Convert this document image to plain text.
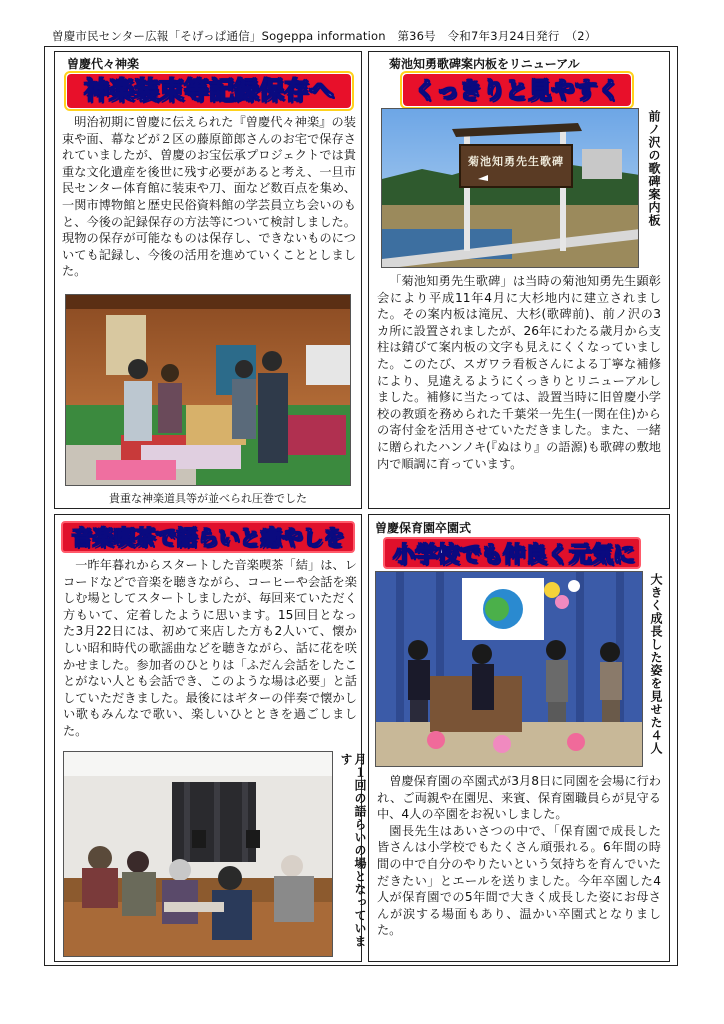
曽慶市民センター広報「そげっぱ通信」Sogeppa information　第36号　令和7年3月24日発行　（2）
曽慶代々神楽
神楽装束等記録保存へ

明治初期に曽慶に伝えられた『曽慶代々神楽』の装束や面、幕などが２区の藤原節郎さんのお宅で保存されていましたが、曽慶のお宝伝承プロジェクトでは貴重な文化遺産を後世に残す必要があると考え、一旦市民センター体育館に装束や刀、面など数百点を集め、一関市博物館と歴史民俗資料館の学芸員立ち会いのもと、今後の記録保存の方法等について検討しました。現物の保存が可能なものは保存し、できないものについても記録し、今後の活用を進めていくこととしました。

貴重な神楽道具等が並べられ圧巻でした
菊池知勇歌碑案内板をリニューアル
くっきりと見やすく
菊池知勇先生歌碑	前ノ沢の歌碑案内板

「菊池知勇先生歌碑」は当時の菊池知勇先生顕彰会により平成11年4月に大杉地内に建立されました。その案内板は滝尻、大杉(歌碑前)、前ノ沢の3カ所に設置されましたが、26年にわたる歳月から支柱は錆びて案内板の文字も見えにくくなっていました。このたび、スガワラ看板さんによる丁寧な補修により、見違えるようにくっきりとリニューアルしました。補修に当たっては、設置当時に旧曽慶小学校の教頭を務められた千葉栄一先生(一関在住)からの寄付金を活用させていただきました。また、一緒に贈られたハンノキ(『ぬはり』の語源)も歌碑の敷地内で順調に育っています。

音楽喫茶で語らいと癒やしを

一昨年暮れからスタートした音楽喫茶「結」は、レコードなどで音楽を聴きながら、コーヒーや会話を楽しむ場としてスタートしましたが、毎回来ていただく方もいて、定着したように思います。15回目となった3月22日には、初めて来店した方も2人いて、懐かしい昭和時代の歌謡曲などを聴きながら、話に花を咲かせました。参加者のひとりは「ふだん会話をしたことがない人とも会話でき、このような場は必要」と話していただきました。最後にはギターの伴奏で懐かしい歌もみんなで歌い、楽しいひとときを過ごしました。

月１回の語らいの場となっています
曽慶保育園卒園式
小学校でも仲良く元気に
大きく成長した姿を見せた４人

曽慶保育園の卒園式が3月8日に同園を会場に行われ、ご両親や在園児、来賓、保育園職員らが見守る中、4人の卒園をお祝いしました。

園長先生はあいさつの中で、「保育園で成長した皆さんは小学校でもたくさん頑張れる。6年間の時間の中で自分のやりたいという気持ちを育んでいただきたい」とエールを送りました。今年卒園した4人が保育園での5年間で大きく成長した姿にお母さんが涙する場面もあり、温かい卒園式となりました。
